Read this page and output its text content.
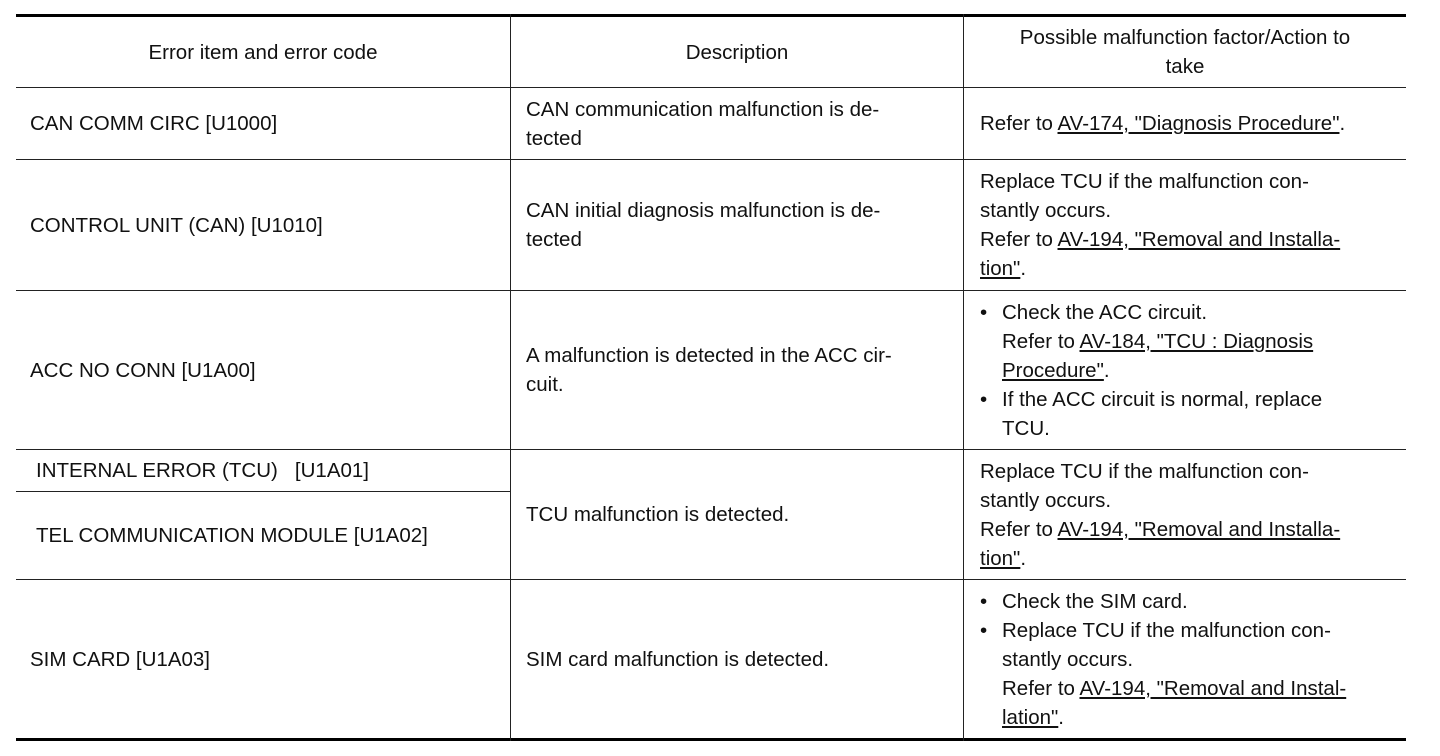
Error item and error code	Description
Possible malfunction factor/Action to
take
CAN COMM CIRC [U1000]
CAN communication malfunction is de-
tected
Refer to AV-174, "Diagnosis Procedure".
CONTROL UNIT (CAN) [U1010]
CAN initial diagnosis malfunction is de-
tected
Replace TCU if the malfunction con-
stantly occurs.
Refer to AV-194, "Removal and Installa-
tion".
ACC NO CONN [U1A00]
A malfunction is detected in the ACC cir-
cuit.
• Check the ACC circuit.
Refer to AV-184, "TCU : Diagnosis
Procedure".
• If the ACC circuit is normal, replace
TCU.
INTERNAL ERROR (TCU)   [U1A01]
TEL COMMUNICATION MODULE [U1A02]
TCU malfunction is detected.
Replace TCU if the malfunction con-
stantly occurs.
Refer to AV-194, "Removal and Installa-
tion".
SIM CARD [U1A03]	SIM card malfunction is detected.
• Check the SIM card.
• Replace TCU if the malfunction con-
stantly occurs.
Refer to AV-194, "Removal and Instal-
lation".
